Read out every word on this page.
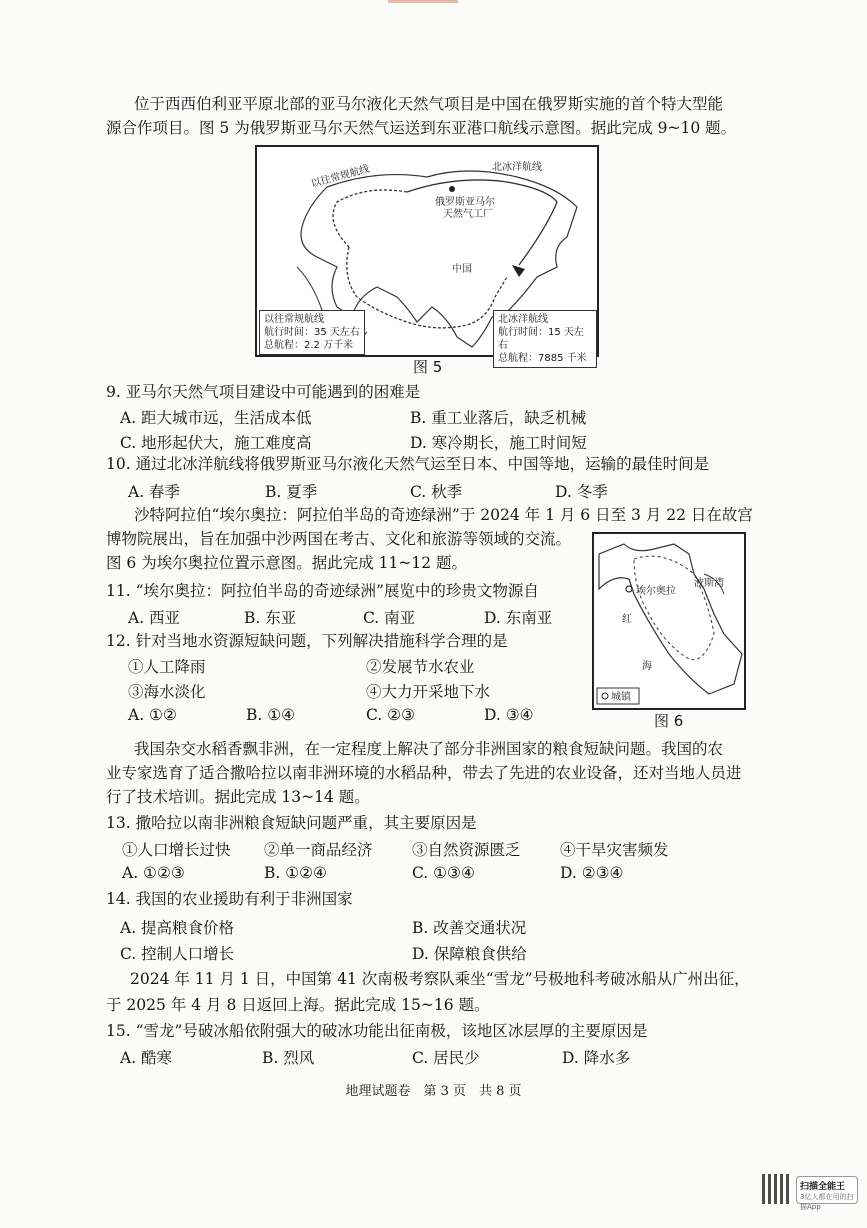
位于西西伯利亚平原北部的亚马尔液化天然气项目是中国在俄罗斯实施的首个特大型能
源合作项目。图 5 为俄罗斯亚马尔天然气运送到东亚港口航线示意图。据此完成 9~10 题。
北冰洋航线
以往常规航线
俄罗斯亚马尔
天然气工厂
中国
以往常规航线
航行时间：35 天左右
总航程：2.2 万千米
北冰洋航线
航行时间：15 天左右
总航程：7885 千米
图 5
9. 亚马尔天然气项目建设中可能遇到的困难是
A. 距大城市远，生活成本低	B. 重工业落后，缺乏机械
C. 地形起伏大，施工难度高	D. 寒冷期长，施工时间短
10. 通过北冰洋航线将俄罗斯亚马尔液化天然气运至日本、中国等地，运输的最佳时间是
A. 春季	B. 夏季	C. 秋季	D. 冬季
沙特阿拉伯“埃尔奥拉：阿拉伯半岛的奇迹绿洲”于 2024 年 1 月 6 日至 3 月 22 日在故宫
博物院展出，旨在加强中沙两国在考古、文化和旅游等领域的交流。
图 6 为埃尔奥拉位置示意图。据此完成 11~12 题。
埃尔奥拉
波斯湾
红
海
城镇
图 6
11. “埃尔奥拉：阿拉伯半岛的奇迹绿洲”展览中的珍贵文物源自
A. 西亚	B. 东亚	C. 南亚	D. 东南亚
12. 针对当地水资源短缺问题，下列解决措施科学合理的是
①人工降雨	②发展节水农业
③海水淡化	④大力开采地下水
A. ①②	B. ①④	C. ②③	D. ③④
我国杂交水稻香飘非洲，在一定程度上解决了部分非洲国家的粮食短缺问题。我国的农
业专家选育了适合撒哈拉以南非洲环境的水稻品种，带去了先进的农业设备，还对当地人员进
行了技术培训。据此完成 13~14 题。
13. 撒哈拉以南非洲粮食短缺问题严重，其主要原因是
①人口增长过快 ②单一商品经济	③自然资源匮乏	④干旱灾害频发
A. ①②③	B. ①②④	C. ①③④	D. ②③④
14. 我国的农业援助有利于非洲国家
A. 提高粮食价格	B. 改善交通状况
C. 控制人口增长	D. 保障粮食供给
2024 年 11 月 1 日，中国第 41 次南极考察队乘坐“雪龙”号极地科考破冰船从广州出征，
于 2025 年 4 月 8 日返回上海。据此完成 15~16 题。
15. “雪龙”号破冰船依附强大的破冰功能出征南极，该地区冰层厚的主要原因是
A. 酷寒	B. 烈风	C. 居民少	D. 降水多
地理试题卷　第 3 页　共 8 页
扫描全能王
3亿人都在用的扫描App
